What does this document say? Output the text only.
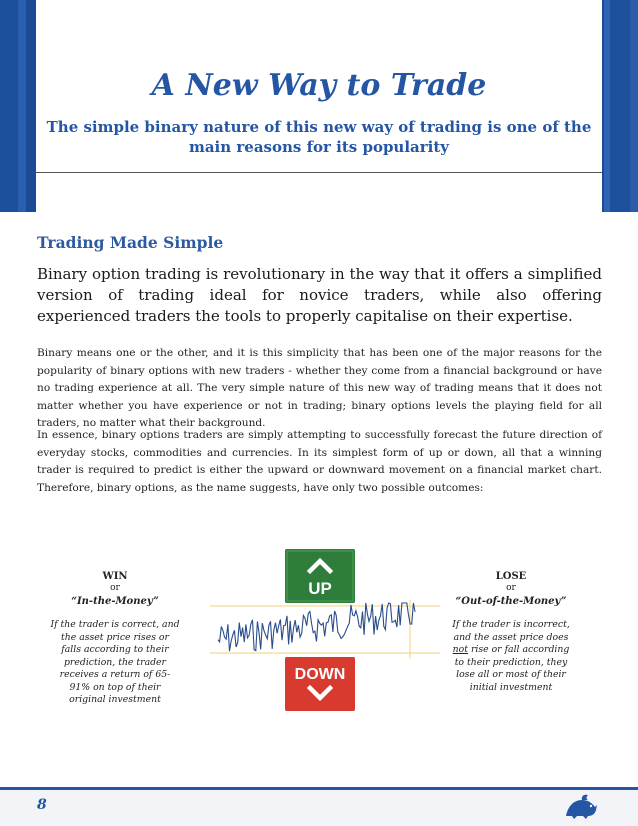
A New Way to Trade

The simple binary nature of this new way of trading is one of the main reasons for its popularity

Trading Made Simple

Binary option trading is revolutionary in the way that it offers a simplified version of trading ideal for novice traders, while also offering experienced traders the tools to properly capitalise on their expertise.

Binary means one or the other, and it is this simplicity that has been one of the major reasons for the popularity of binary options with new traders - whether they come from a financial background or have no trading experience at all. The very simple nature of this new way of trading means that it does not matter whether you have experience or not in trading; binary options levels the playing field for all traders, no matter what their background.

In essence, binary options traders are simply attempting to successfully forecast the future direction of everyday stocks, commodities and currencies. In its simplest form of up or down, all that a winning trader is required to predict is either the upward or downward movement on a financial market chart. Therefore, binary options, as the name suggests, have only two possible outcomes:

WIN
or
“In-the-Money”
If the trader is correct, and the asset price rises or falls according to their prediction, the trader receives a return of 65-91% on top of their original investment
LOSE
or
“Out-of-the-Money”
If the trader is incorrect, and the asset price does not rise or fall according to their prediction, they lose all or most of their initial investment
UP
DOWN
8
